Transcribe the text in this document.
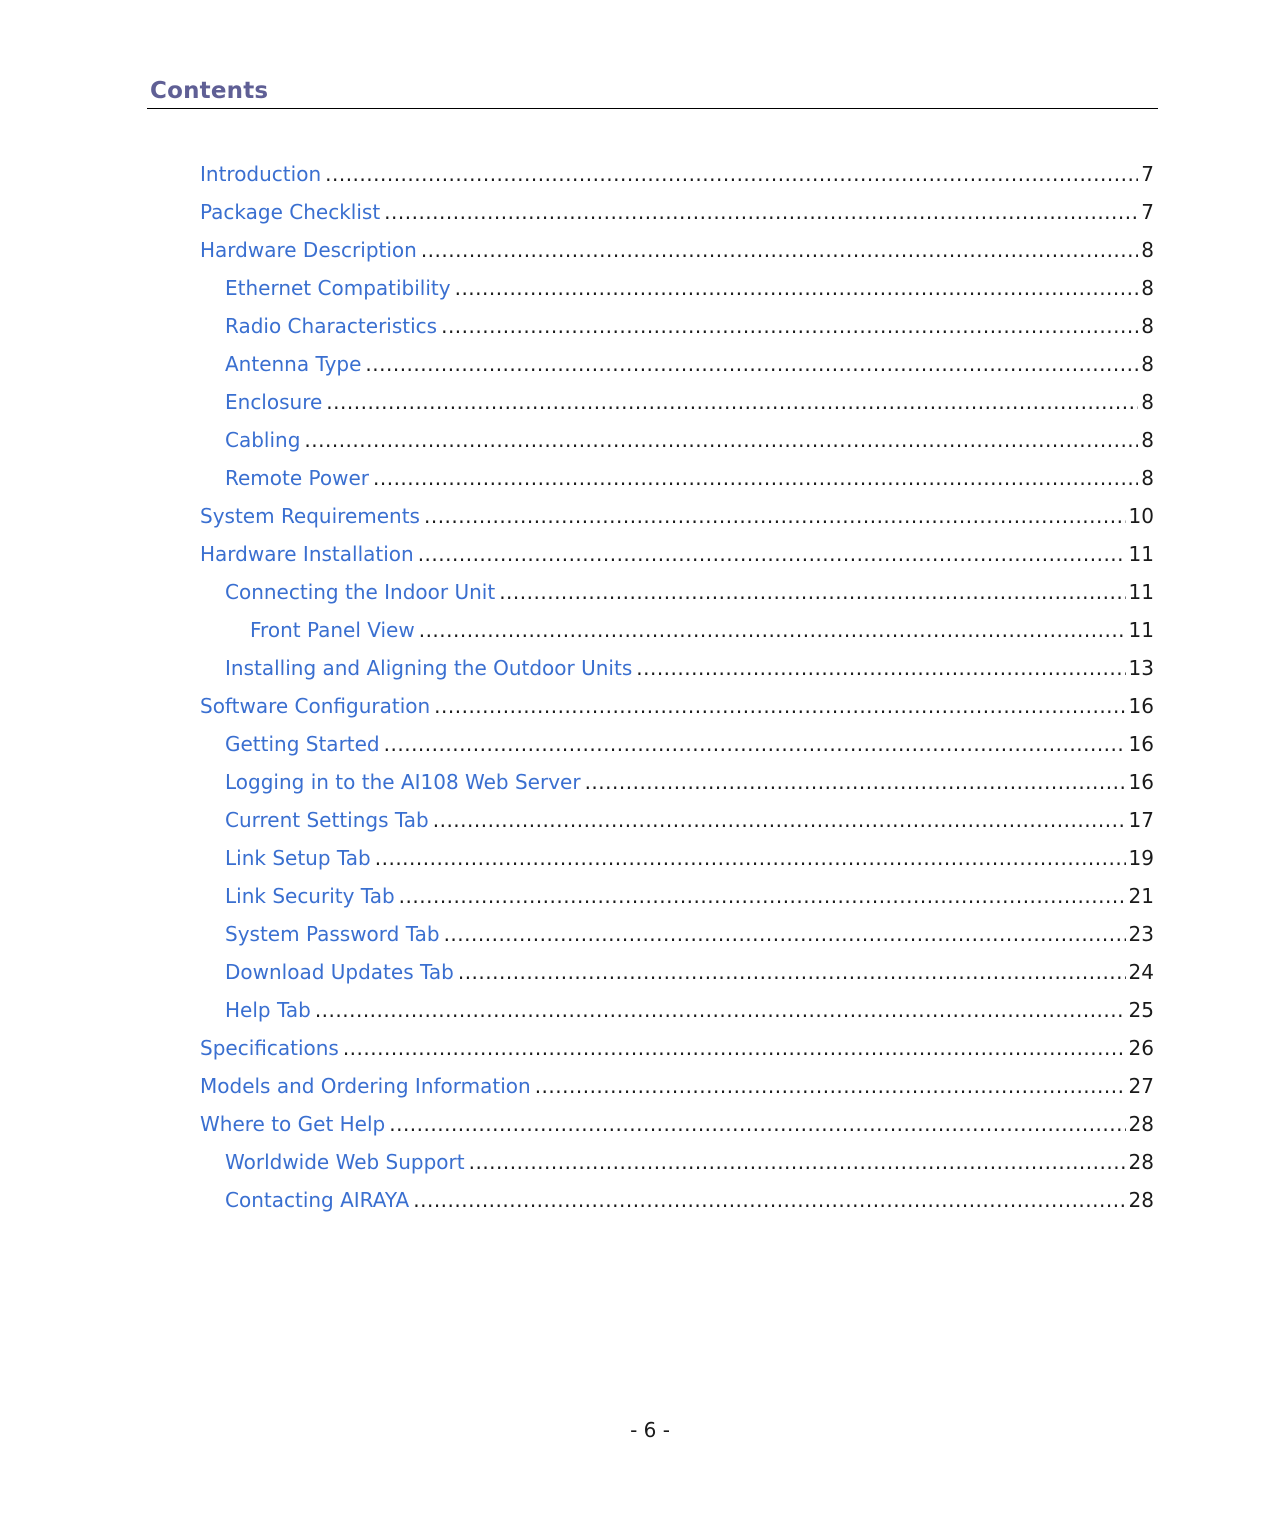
Contents
Introduction .....	7
Package Checklist .....	7
Hardware Description .....	8
Ethernet Compatibility .....	8
Radio Characteristics .....	8
Antenna Type .....	8
Enclosure .....	8
Cabling .....	8
Remote Power .....	8
System Requirements .....	10
Hardware Installation .....	11
Connecting the Indoor Unit .....	11
Front Panel View .....	11
Installing and Aligning the Outdoor Units .....	13
Software Configuration .....	16
Getting Started .....	16
Logging in to the AI108 Web Server .....	16
Current Settings Tab .....	17
Link Setup Tab .....	19
Link Security Tab .....	21
System Password Tab .....	23
Download Updates Tab .....	24
Help Tab .....	25
Specifications .....	26
Models and Ordering Information .....	27
Where to Get Help .....	28
Worldwide Web Support .....	28
Contacting AIRAYA .....	28
- 6 -
